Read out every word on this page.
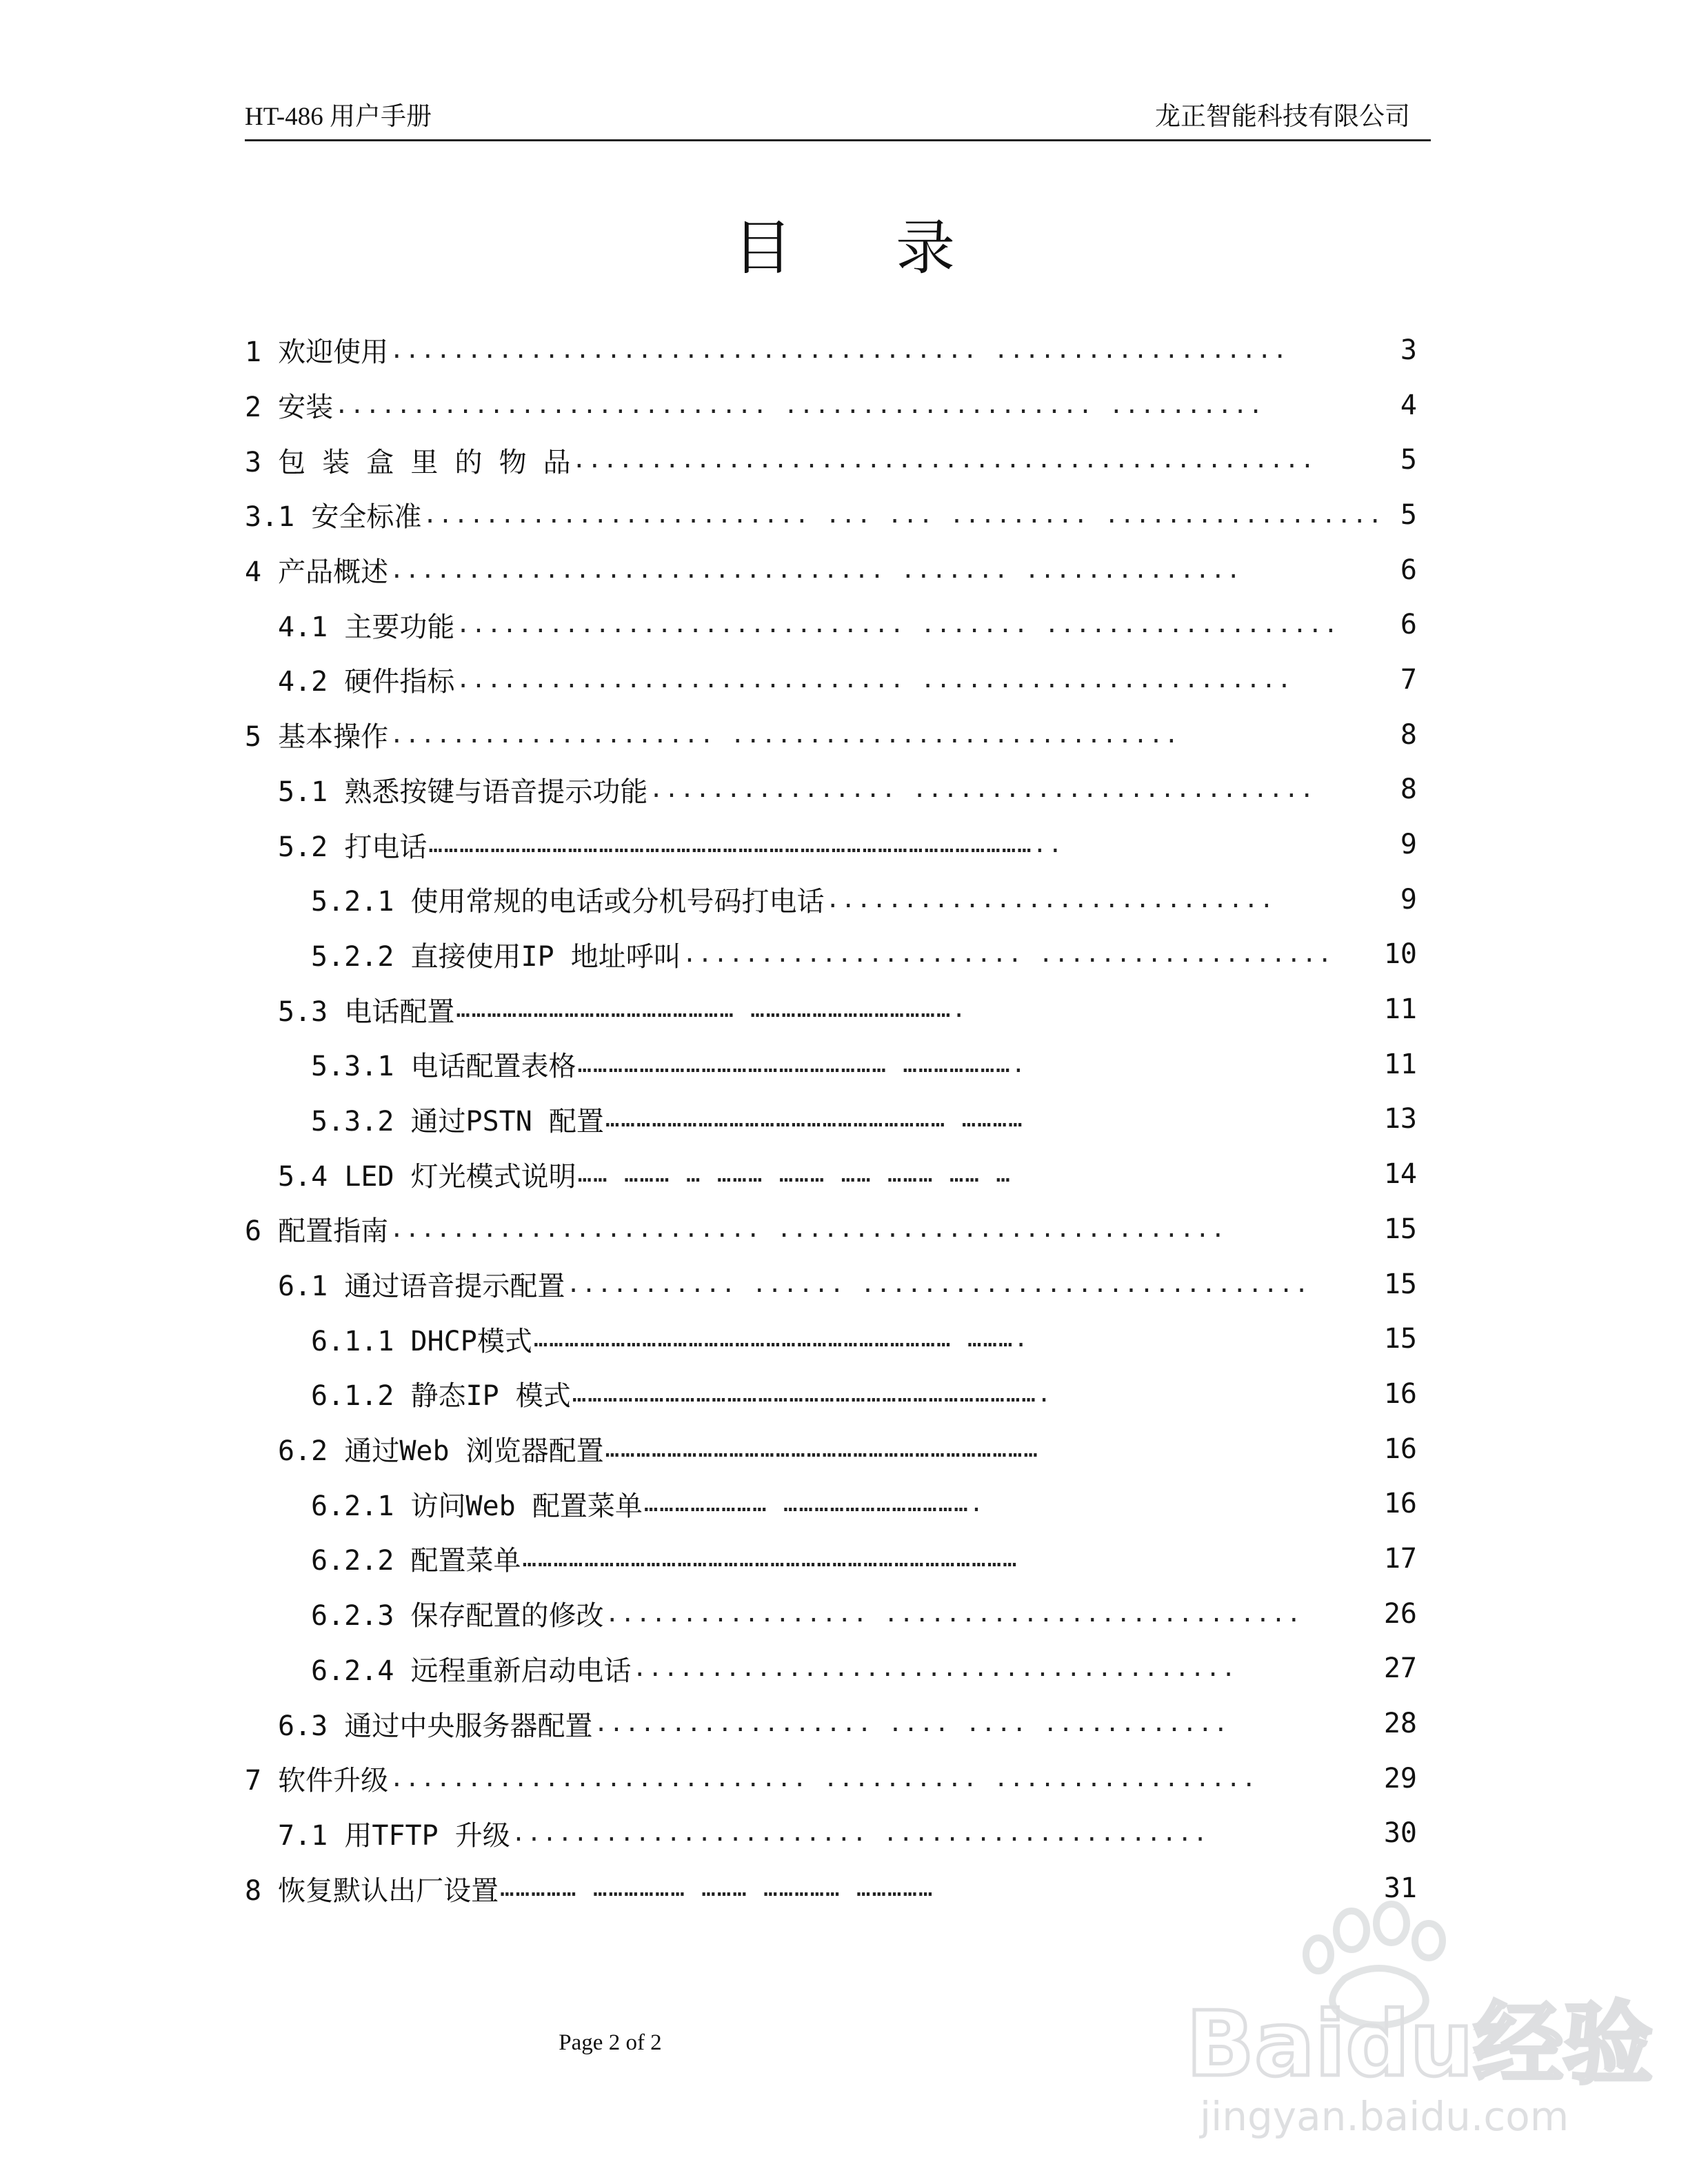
HT-486 用户手册	龙正智能科技有限公司
目 录
1 欢迎使用 ...................................... ...................	3
2 安装 ............................ .................... ..........	4
3 包 装 盒 里 的 物 品 ................................................	5
3.1 安全标准 ......................... ... ... ......... .................. 5
4 产品概述 ................................ ....... ..............	6
4.1 主要功能 ............................. ....... ...................	6
4.2 硬件指标 ............................. ........................	7
5 基本操作 ..................... .............................	8
5.1 熟悉按键与语音提示功能 ................ ..........................	8
5.2 打电话 ………………………………………………………………………………………………………..	9
5.2.1 使用常规的电话或分机号码打电话 .............................	9
5.2.2 直接使用IP 地址呼叫 ...................... ...................	10
5.3 电话配置 ……………………………………………… ………………………………….	11
5.3.1 电话配置表格 …………………………………………………… ………………….	11
5.3.2 通过PSTN 配置 ………………………………………………………… …………	13
5.4 LED 灯光模式说明 …… ……… … ……… ……… …… ……… …… …	14
6 配置指南 ........................ .............................	15
6.1 通过语音提示配置 ........... ...... .............................	15
6.1.1 DHCP模式 ……………………………………………………………………… ……….	15
6.1.2 静态IP 模式 ……………………………………………………………………………….	16
6.2 通过Web 浏览器配置 …………………………………………………………………………	16
6.2.1 访问Web 配置菜单 …………………… ……………………………….	16
6.2.2 配置菜单 ……………………………………………………………………………………	17
6.2.3 保存配置的修改 ................. ...........................	26
6.2.4 远程重新启动电话 .......................................	27
6.3 通过中央服务器配置 .................. .... .... ............	28
7 软件升级 ........................... .......... .................	29
7.1 用TFTP 升级 ....................... .....................	30
8 恢复默认出厂设置 …………… ……………… ……… …………… ……………	31
Page 2 of 2	Baidu经验
jingyan.baidu.com
